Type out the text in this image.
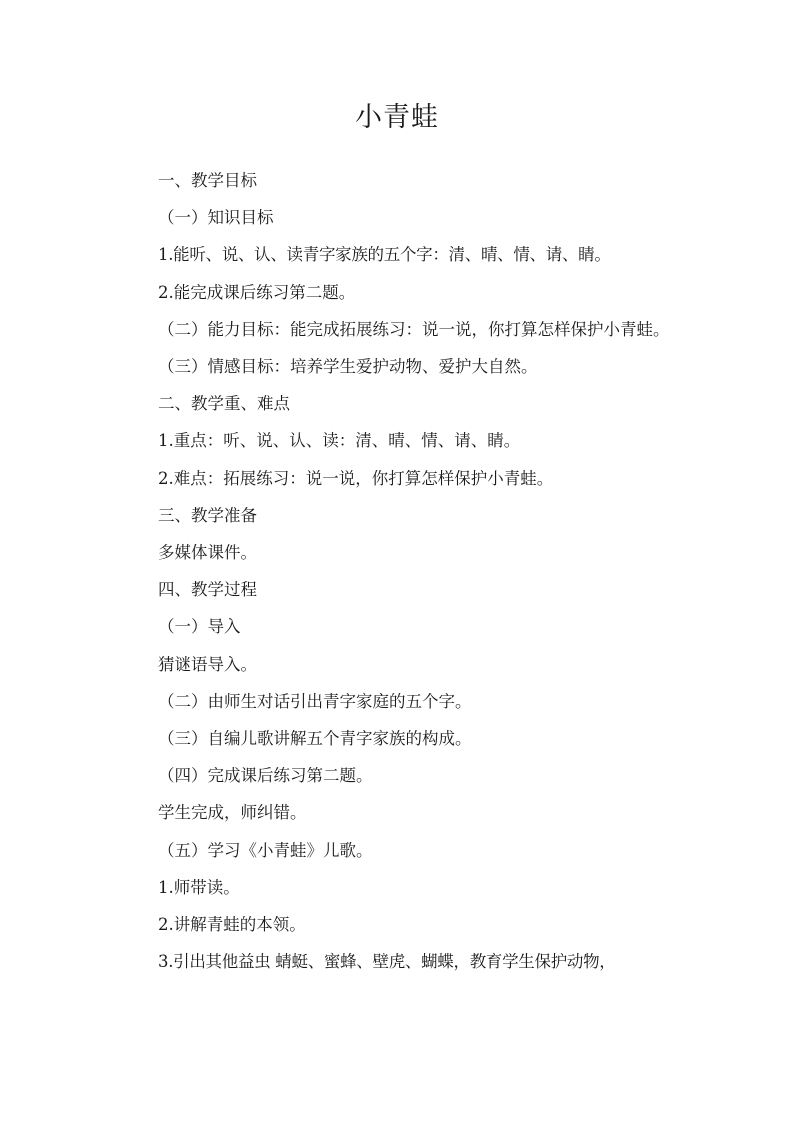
小青蛙

一、教学目标

（一）知识目标

1.能听、说、认、读青字家族的五个字：清、晴、情、请、睛。

2.能完成课后练习第二题。

（二）能力目标：能完成拓展练习：说一说，你打算怎样保护小青蛙。

（三）情感目标：培养学生爱护动物、爱护大自然。

二、教学重、难点

1.重点：听、说、认、读：清、晴、情、请、睛。

2.难点：拓展练习：说一说，你打算怎样保护小青蛙。

三、教学准备

多媒体课件。

四、教学过程

（一）导入

猜谜语导入。

（二）由师生对话引出青字家庭的五个字。

（三）自编儿歌讲解五个青字家族的构成。

（四）完成课后练习第二题。

学生完成，师纠错。

（五）学习《小青蛙》儿歌。

1.师带读。

2.讲解青蛙的本领。

3.引出其他益虫 蜻蜓、蜜蜂、壁虎、蝴蝶，教育学生保护动物，
